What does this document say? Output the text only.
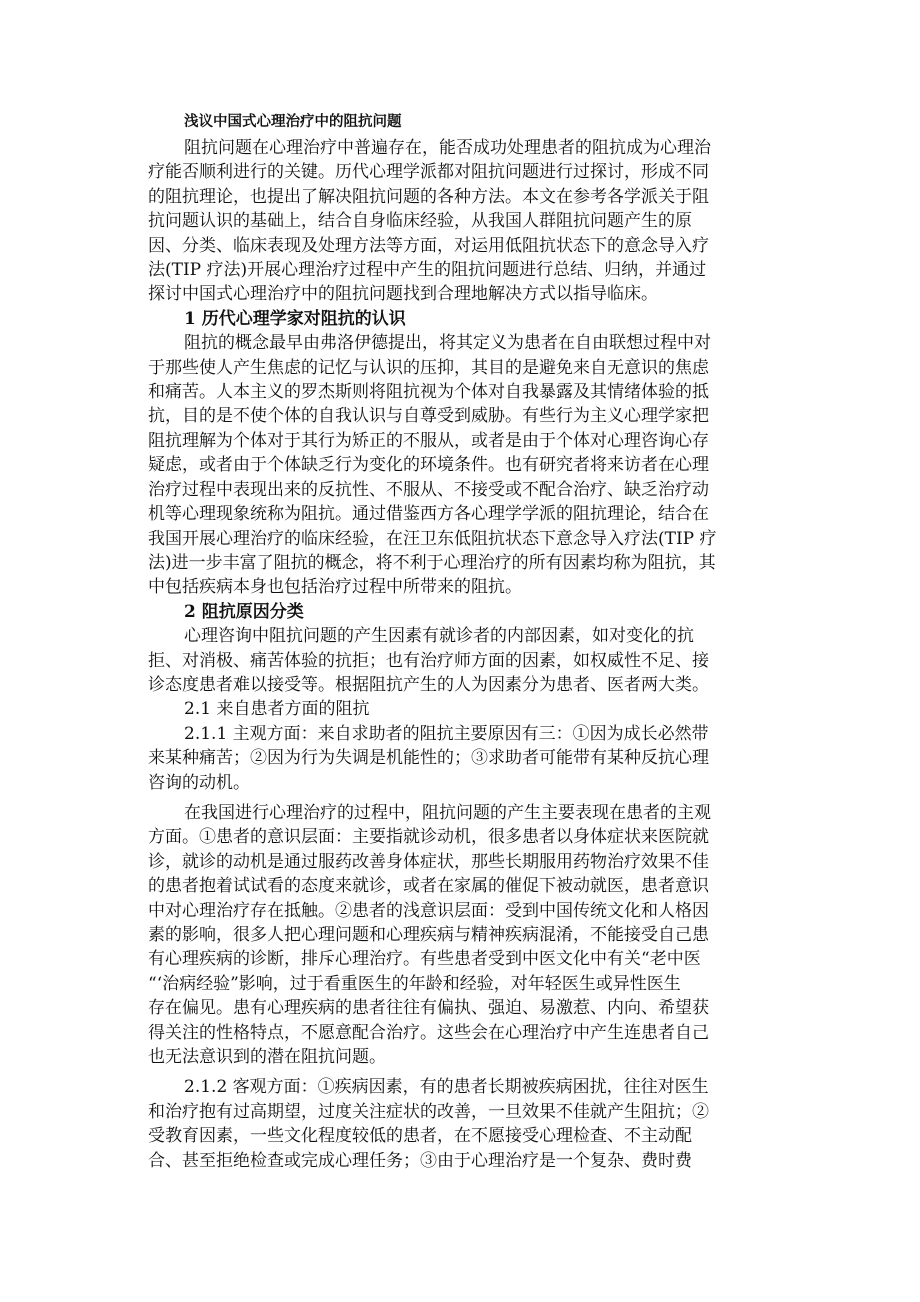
浅议中国式心理治疗中的阻抗问题
阻抗问题在心理治疗中普遍存在，能否成功处理患者的阻抗成为心理治
疗能否顺利进行的关键。历代心理学派都对阻抗问题进行过探讨，形成不同
的阻抗理论，也提出了解决阻抗问题的各种方法。本文在参考各学派关于阻
抗问题认识的基础上，结合自身临床经验，从我国人群阻抗问题产生的原
因、分类、临床表现及处理方法等方面，对运用低阻抗状态下的意念导入疗
法(TIP 疗法)开展心理治疗过程中产生的阻抗问题进行总结、归纳，并通过
探讨中国式心理治疗中的阻抗问题找到合理地解决方式以指导临床。
1 历代心理学家对阻抗的认识
阻抗的概念最早由弗洛伊德提出，将其定义为患者在自由联想过程中对
于那些使人产生焦虑的记忆与认识的压抑，其目的是避免来自无意识的焦虑
和痛苦。人本主义的罗杰斯则将阻抗视为个体对自我暴露及其情绪体验的抵
抗，目的是不使个体的自我认识与自尊受到威胁。有些行为主义心理学家把
阻抗理解为个体对于其行为矫正的不服从，或者是由于个体对心理咨询心存
疑虑，或者由于个体缺乏行为变化的环境条件。也有研究者将来访者在心理
治疗过程中表现出来的反抗性、不服从、不接受或不配合治疗、缺乏治疗动
机等心理现象统称为阻抗。通过借鉴西方各心理学学派的阻抗理论，结合在
我国开展心理治疗的临床经验，在汪卫东低阻抗状态下意念导入疗法(TIP 疗
法)进一步丰富了阻抗的概念，将不利于心理治疗的所有因素均称为阻抗，其
中包括疾病本身也包括治疗过程中所带来的阻抗。
2 阻抗原因分类
心理咨询中阻抗问题的产生因素有就诊者的内部因素，如对变化的抗
拒、对消极、痛苦体验的抗拒；也有治疗师方面的因素，如权威性不足、接
诊态度患者难以接受等。根据阻抗产生的人为因素分为患者、医者两大类。
2.1 来自患者方面的阻抗
2.1.1 主观方面：来自求助者的阻抗主要原因有三：①因为成长必然带
来某种痛苦；②因为行为失调是机能性的；③求助者可能带有某种反抗心理
咨询的动机。
在我国进行心理治疗的过程中，阻抗问题的产生主要表现在患者的主观
方面。①患者的意识层面：主要指就诊动机，很多患者以身体症状来医院就
诊，就诊的动机是通过服药改善身体症状，那些长期服用药物治疗效果不佳
的患者抱着试试看的态度来就诊，或者在家属的催促下被动就医，患者意识
中对心理治疗存在抵触。②患者的浅意识层面：受到中国传统文化和人格因
素的影响，很多人把心理问题和心理疾病与精神疾病混淆，不能接受自己患
有心理疾病的诊断，排斥心理治疗。有些患者受到中医文化中有关“老中医
“‘治病经验”影响，过于看重医生的年龄和经验，对年轻医生或异性医生
存在偏见。患有心理疾病的患者往往有偏执、强迫、易激惹、内向、希望获
得关注的性格特点，不愿意配合治疗。这些会在心理治疗中产生连患者自己
也无法意识到的潜在阻抗问题。
2.1.2 客观方面：①疾病因素，有的患者长期被疾病困扰，往往对医生
和治疗抱有过高期望，过度关注症状的改善，一旦效果不佳就产生阻抗；②
受教育因素，一些文化程度较低的患者，在不愿接受心理检查、不主动配
合、甚至拒绝检查或完成心理任务；③由于心理治疗是一个复杂、费时费
